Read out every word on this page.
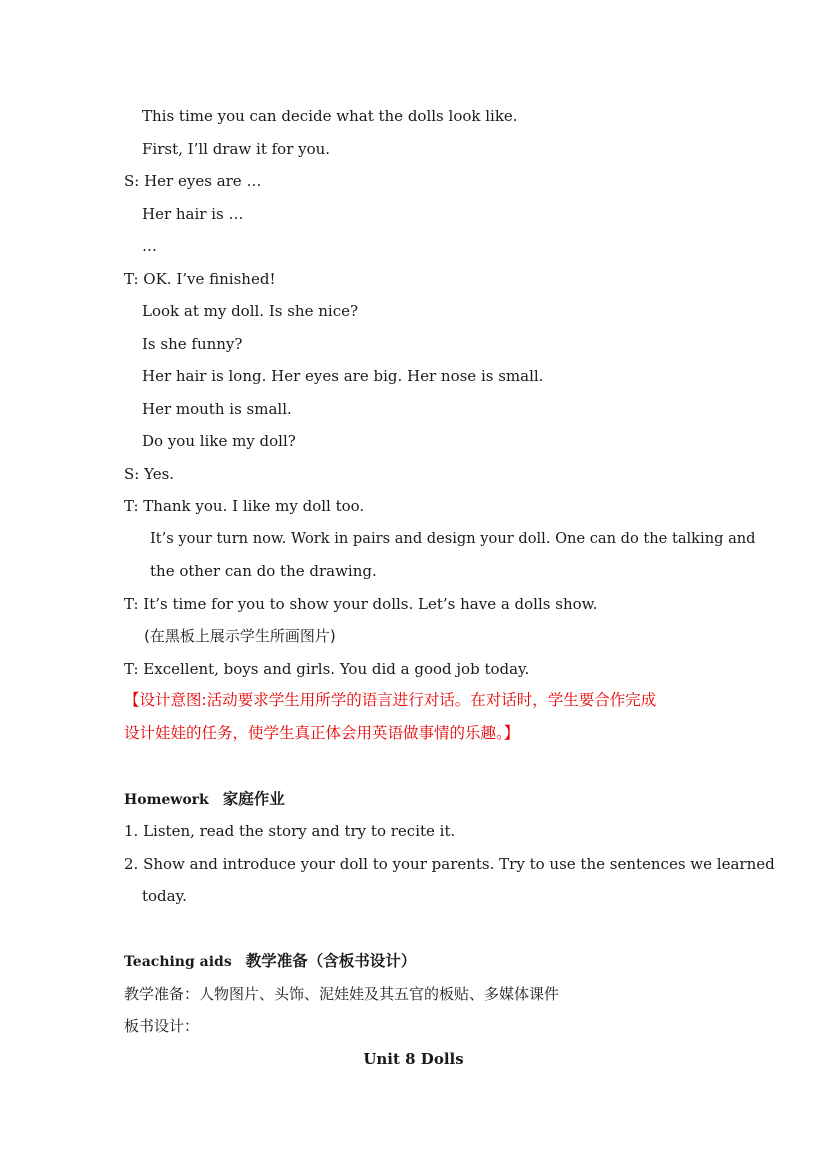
This time you can decide what the dolls look like.
First, I’ll draw it for you.
S: Her eyes are …
Her hair is …
…
T: OK. I’ve finished!
Look at my doll. Is she nice?
Is she funny?
Her hair is long. Her eyes are big. Her nose is small.
Her mouth is small.
Do you like my doll?
S: Yes.
T: Thank you. I like my doll too.
It’s your turn now. Work in pairs and design your doll. One can do the talking and
the other can do the drawing.
T: It’s time for you to show your dolls. Let’s have a dolls show.
(在黑板上展示学生所画图片)
T: Excellent, boys and girls. You did a good job today.
【设计意图:活动要求学生用所学的语言进行对话。在对话时，学生要合作完成
设计娃娃的任务，使学生真正体会用英语做事情的乐趣。】
Homework 家庭作业
1. Listen, read the story and try to recite it.
2. Show and introduce your doll to your parents. Try to use the sentences we learned
today.
Teaching aids 教学准备（含板书设计）
教学准备：人物图片、头饰、泥娃娃及其五官的板贴、多媒体课件
板书设计：
Unit 8 Dolls
